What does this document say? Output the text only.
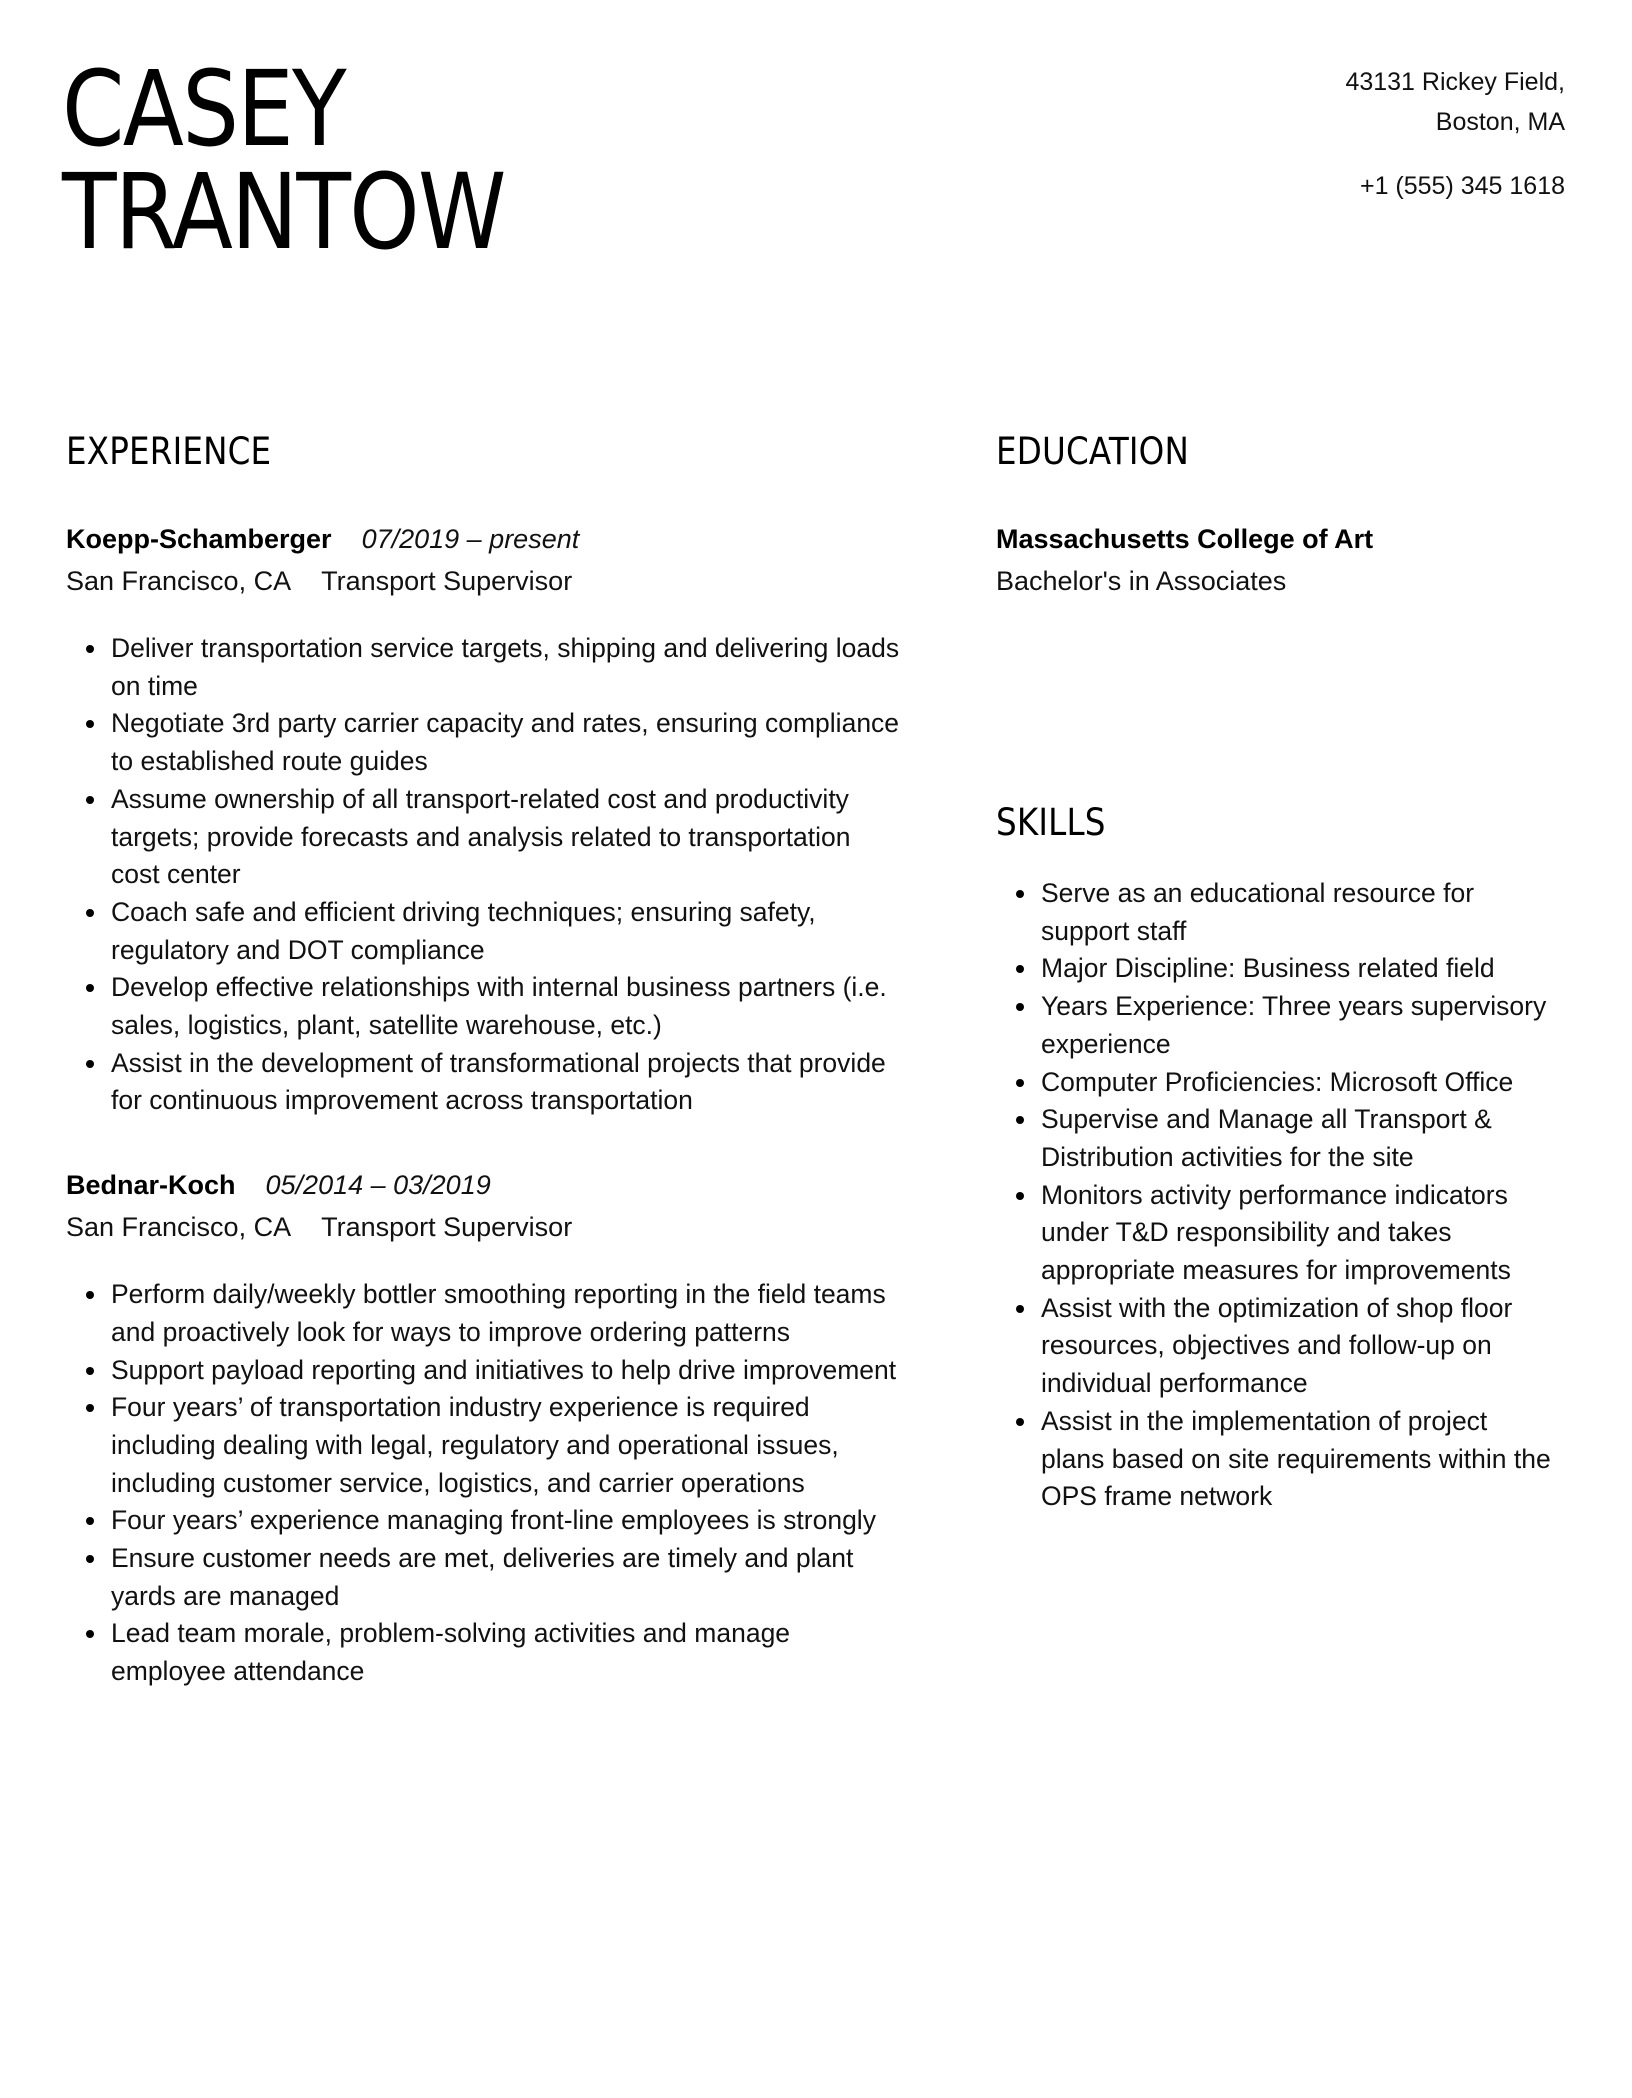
CASEY
TRANTOW
43131 Rickey Field,
Boston, MA
+1 (555) 345 1618
EXPERIENCE
Koepp-Schamberger 07/2019 – present
San Francisco, CA Transport Supervisor
Deliver transportation service targets, shipping and delivering loads on time
Negotiate 3rd party carrier capacity and rates, ensuring compliance to established route guides
Assume ownership of all transport-related cost and productivity targets; provide forecasts and analysis related to transportation cost center
Coach safe and efficient driving techniques; ensuring safety, regulatory and DOT compliance
Develop effective relationships with internal business partners (i.e. sales, logistics, plant, satellite warehouse, etc.)
Assist in the development of transformational projects that provide for continuous improvement across transportation
Bednar-Koch 05/2014 – 03/2019
San Francisco, CA Transport Supervisor
Perform daily/weekly bottler smoothing reporting in the field teams and proactively look for ways to improve ordering patterns
Support payload reporting and initiatives to help drive improvement
Four years’ of transportation industry experience is required including dealing with legal, regulatory and operational issues, including customer service, logistics, and carrier operations
Four years’ experience managing front-line employees is strongly
Ensure customer needs are met, deliveries are timely and plant yards are managed
Lead team morale, problem-solving activities and manage employee attendance
EDUCATION
Massachusetts College of Art
Bachelor's in Associates
SKILLS
Serve as an educational resource for support staff
Major Discipline: Business related field
Years Experience: Three years supervisory experience
Computer Proficiencies: Microsoft Office
Supervise and Manage all Transport & Distribution activities for the site
Monitors activity performance indicators under T&D responsibility and takes appropriate measures for improvements
Assist with the optimization of shop floor resources, objectives and follow-up on individual performance
Assist in the implementation of project plans based on site requirements within the OPS frame network
